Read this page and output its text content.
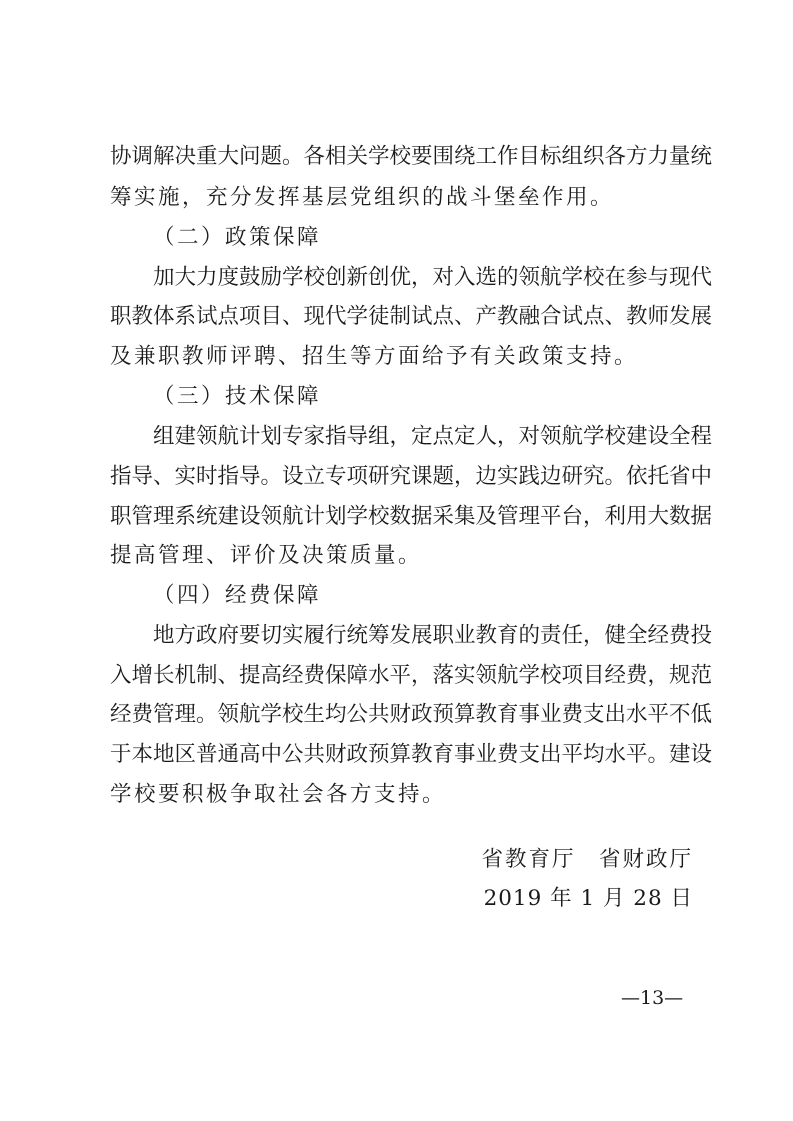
协调解决重大问题。各相关学校要围绕工作目标组织各方力量统
筹实施，充分发挥基层党组织的战斗堡垒作用。
（二）政策保障
加大力度鼓励学校创新创优，对入选的领航学校在参与现代
职教体系试点项目、现代学徒制试点、产教融合试点、教师发展
及兼职教师评聘、招生等方面给予有关政策支持。
（三）技术保障
组建领航计划专家指导组，定点定人，对领航学校建设全程
指导、实时指导。设立专项研究课题，边实践边研究。依托省中
职管理系统建设领航计划学校数据采集及管理平台，利用大数据
提高管理、评价及决策质量。
（四）经费保障
地方政府要切实履行统筹发展职业教育的责任，健全经费投
入增长机制、提高经费保障水平，落实领航学校项目经费，规范
经费管理。领航学校生均公共财政预算教育事业费支出水平不低
于本地区普通高中公共财政预算教育事业费支出平均水平。建设
学校要积极争取社会各方支持。
省教育厅　省财政厅
2019 年 1 月 28 日
—13—
